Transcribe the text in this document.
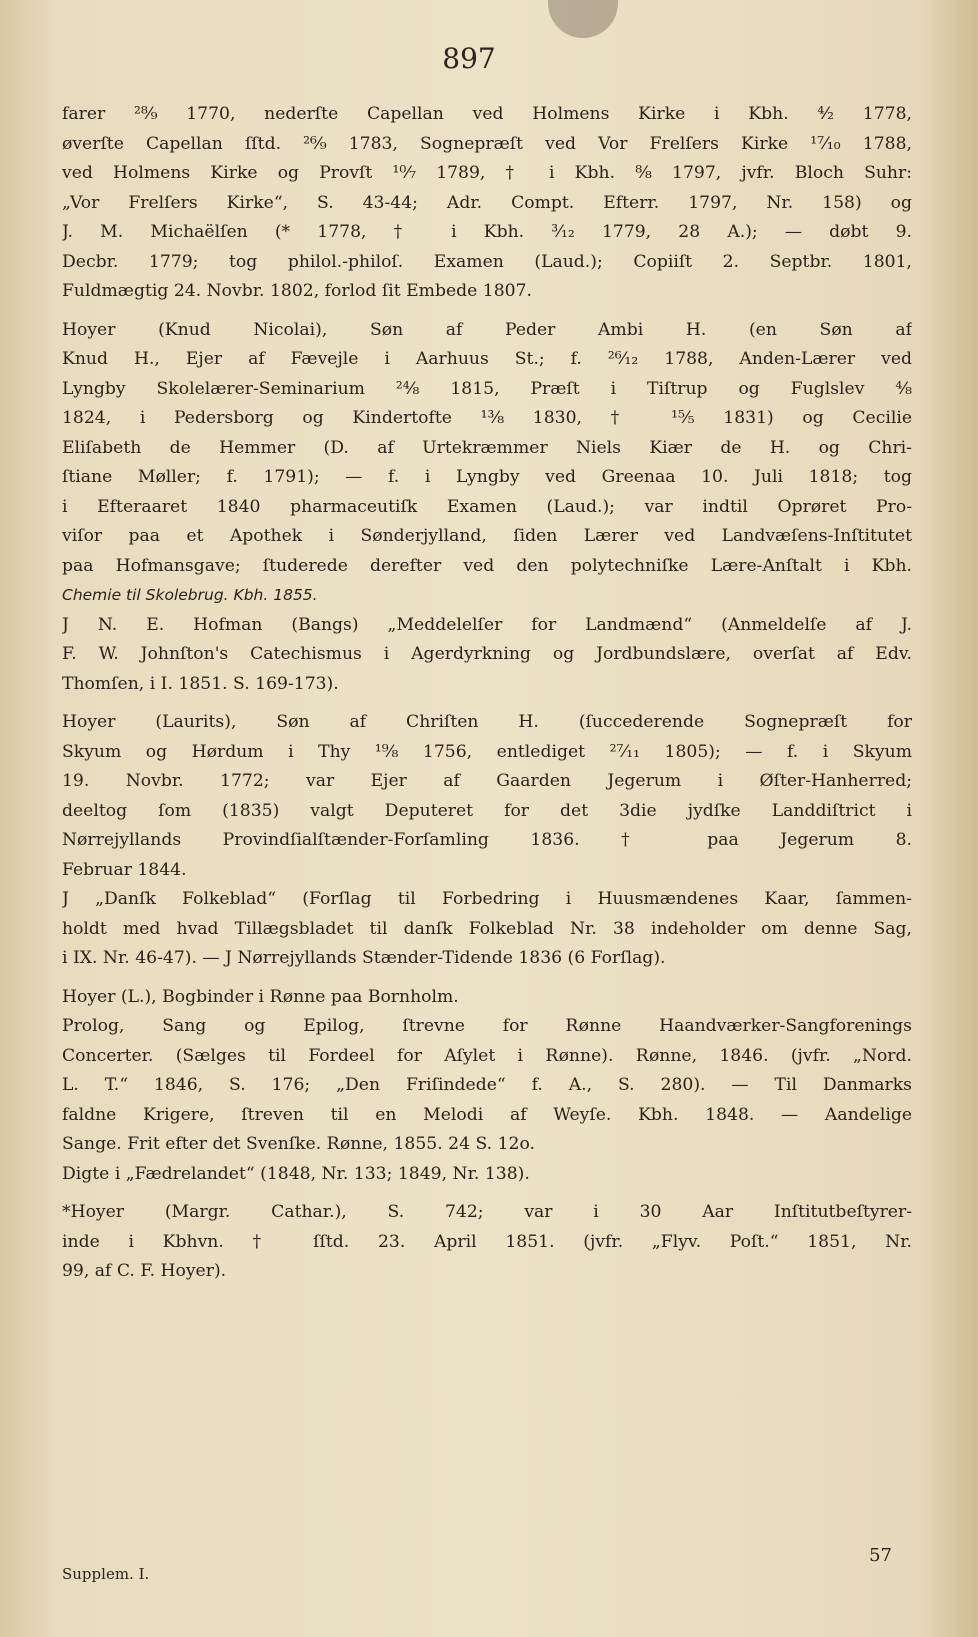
897
farer ²⁸⁄₉ 1770, nederſte Capellan ved Holmens Kirke i Kbh. ⁴⁄₂ 1778,
øverſte Capellan ſſtd. ²⁶⁄₉ 1783, Sognepræſt ved Vor Frelſers Kirke ¹⁷⁄₁₀ 1788,
ved Holmens Kirke og Provſt ¹⁰⁄₇ 1789, † i Kbh. ⁸⁄₈ 1797, jvfr. Bloch Suhr:
„Vor Frelſers Kirke“, S. 43-44; Adr. Compt. Efterr. 1797, Nr. 158) og
J. M. Michaëlſen (* 1778, † i Kbh. ³⁄₁₂ 1779, 28 A.); — døbt 9.
Decbr. 1779; tog philol.-philoſ. Examen (Laud.); Copiiſt 2. Septbr. 1801,
Fuldmægtig 24. Novbr. 1802, forlod ſit Embede 1807.
Hoyer (Knud Nicolai), Søn af Peder Ambi H. (en Søn af
Knud H., Ejer af Fævejle i Aarhuus St.; f. ²⁶⁄₁₂ 1788, Anden-Lærer ved
Lyngby Skolelærer-Seminarium ²⁴⁄₈ 1815, Præſt i Tiſtrup og Fuglslev ⁴⁄₈
1824, i Pedersborg og Kindertofte ¹³⁄₈ 1830, † ¹⁵⁄₅ 1831) og Cecilie
Eliſabeth de Hemmer (D. af Urtekræmmer Niels Kiær de H. og Chri-
ſtiane Møller; f. 1791); — f. i Lyngby ved Greenaa 10. Juli 1818; tog
i Efteraaret 1840 pharmaceutiſk Examen (Laud.); var indtil Oprøret Pro-
viſor paa et Apothek i Sønderjylland, ſiden Lærer ved Landvæſens-Inſtitutet
paa Hofmansgave; ſtuderede derefter ved den polytechniſke Lære-Anſtalt i Kbh.
Chemie til Skolebrug. Kbh. 1855.
J N. E. Hofman (Bangs) „Meddelelſer for Landmænd“ (Anmeldelſe af J.
F. W. Johnſton's Catechismus i Agerdyrkning og Jordbundslære, overſat af Edv.
Thomſen, i I. 1851. S. 169-173).
Hoyer (Laurits), Søn af Chriſten H. (ſuccederende Sognepræſt for
Skyum og Hørdum i Thy ¹⁹⁄₈ 1756, entlediget ²⁷⁄₁₁ 1805); — f. i Skyum
19. Novbr. 1772; var Ejer af Gaarden Jegerum i Øſter-Hanherred;
deeltog ſom (1835) valgt Deputeret for det 3die jydſke Landdiſtrict i
Nørrejyllands Provindſialſtænder-Forſamling 1836. † paa Jegerum 8.
Februar 1844.
J „Danſk Folkeblad“ (Forſlag til Forbedring i Huusmændenes Kaar, ſammen-
holdt med hvad Tillægsbladet til danſk Folkeblad Nr. 38 indeholder om denne Sag,
i IX. Nr. 46-47). — J Nørrejyllands Stænder-Tidende 1836 (6 Forſlag).
Hoyer (L.), Bogbinder i Rønne paa Bornholm.
Prolog, Sang og Epilog, ſtrevne for Rønne Haandværker-Sangforenings
Concerter. (Sælges til Fordeel for Aſylet i Rønne). Rønne, 1846. (jvfr. „Nord.
L. T.“ 1846, S. 176; „Den Friſindede“ f. A., S. 280). — Til Danmarks
faldne Krigere, ſtreven til en Melodi af Weyſe. Kbh. 1848. — Aandelige
Sange. Frit efter det Svenſke. Rønne, 1855. 24 S. 12o.
Digte i „Fædrelandet“ (1848, Nr. 133; 1849, Nr. 138).
*Hoyer (Margr. Cathar.), S. 742; var i 30 Aar Inſtitutbeſtyrer-
inde i Kbhvn. † ſſtd. 23. April 1851. (jvfr. „Flyv. Poſt.“ 1851, Nr.
99, af C. F. Hoyer).
Supplem. I.
57
